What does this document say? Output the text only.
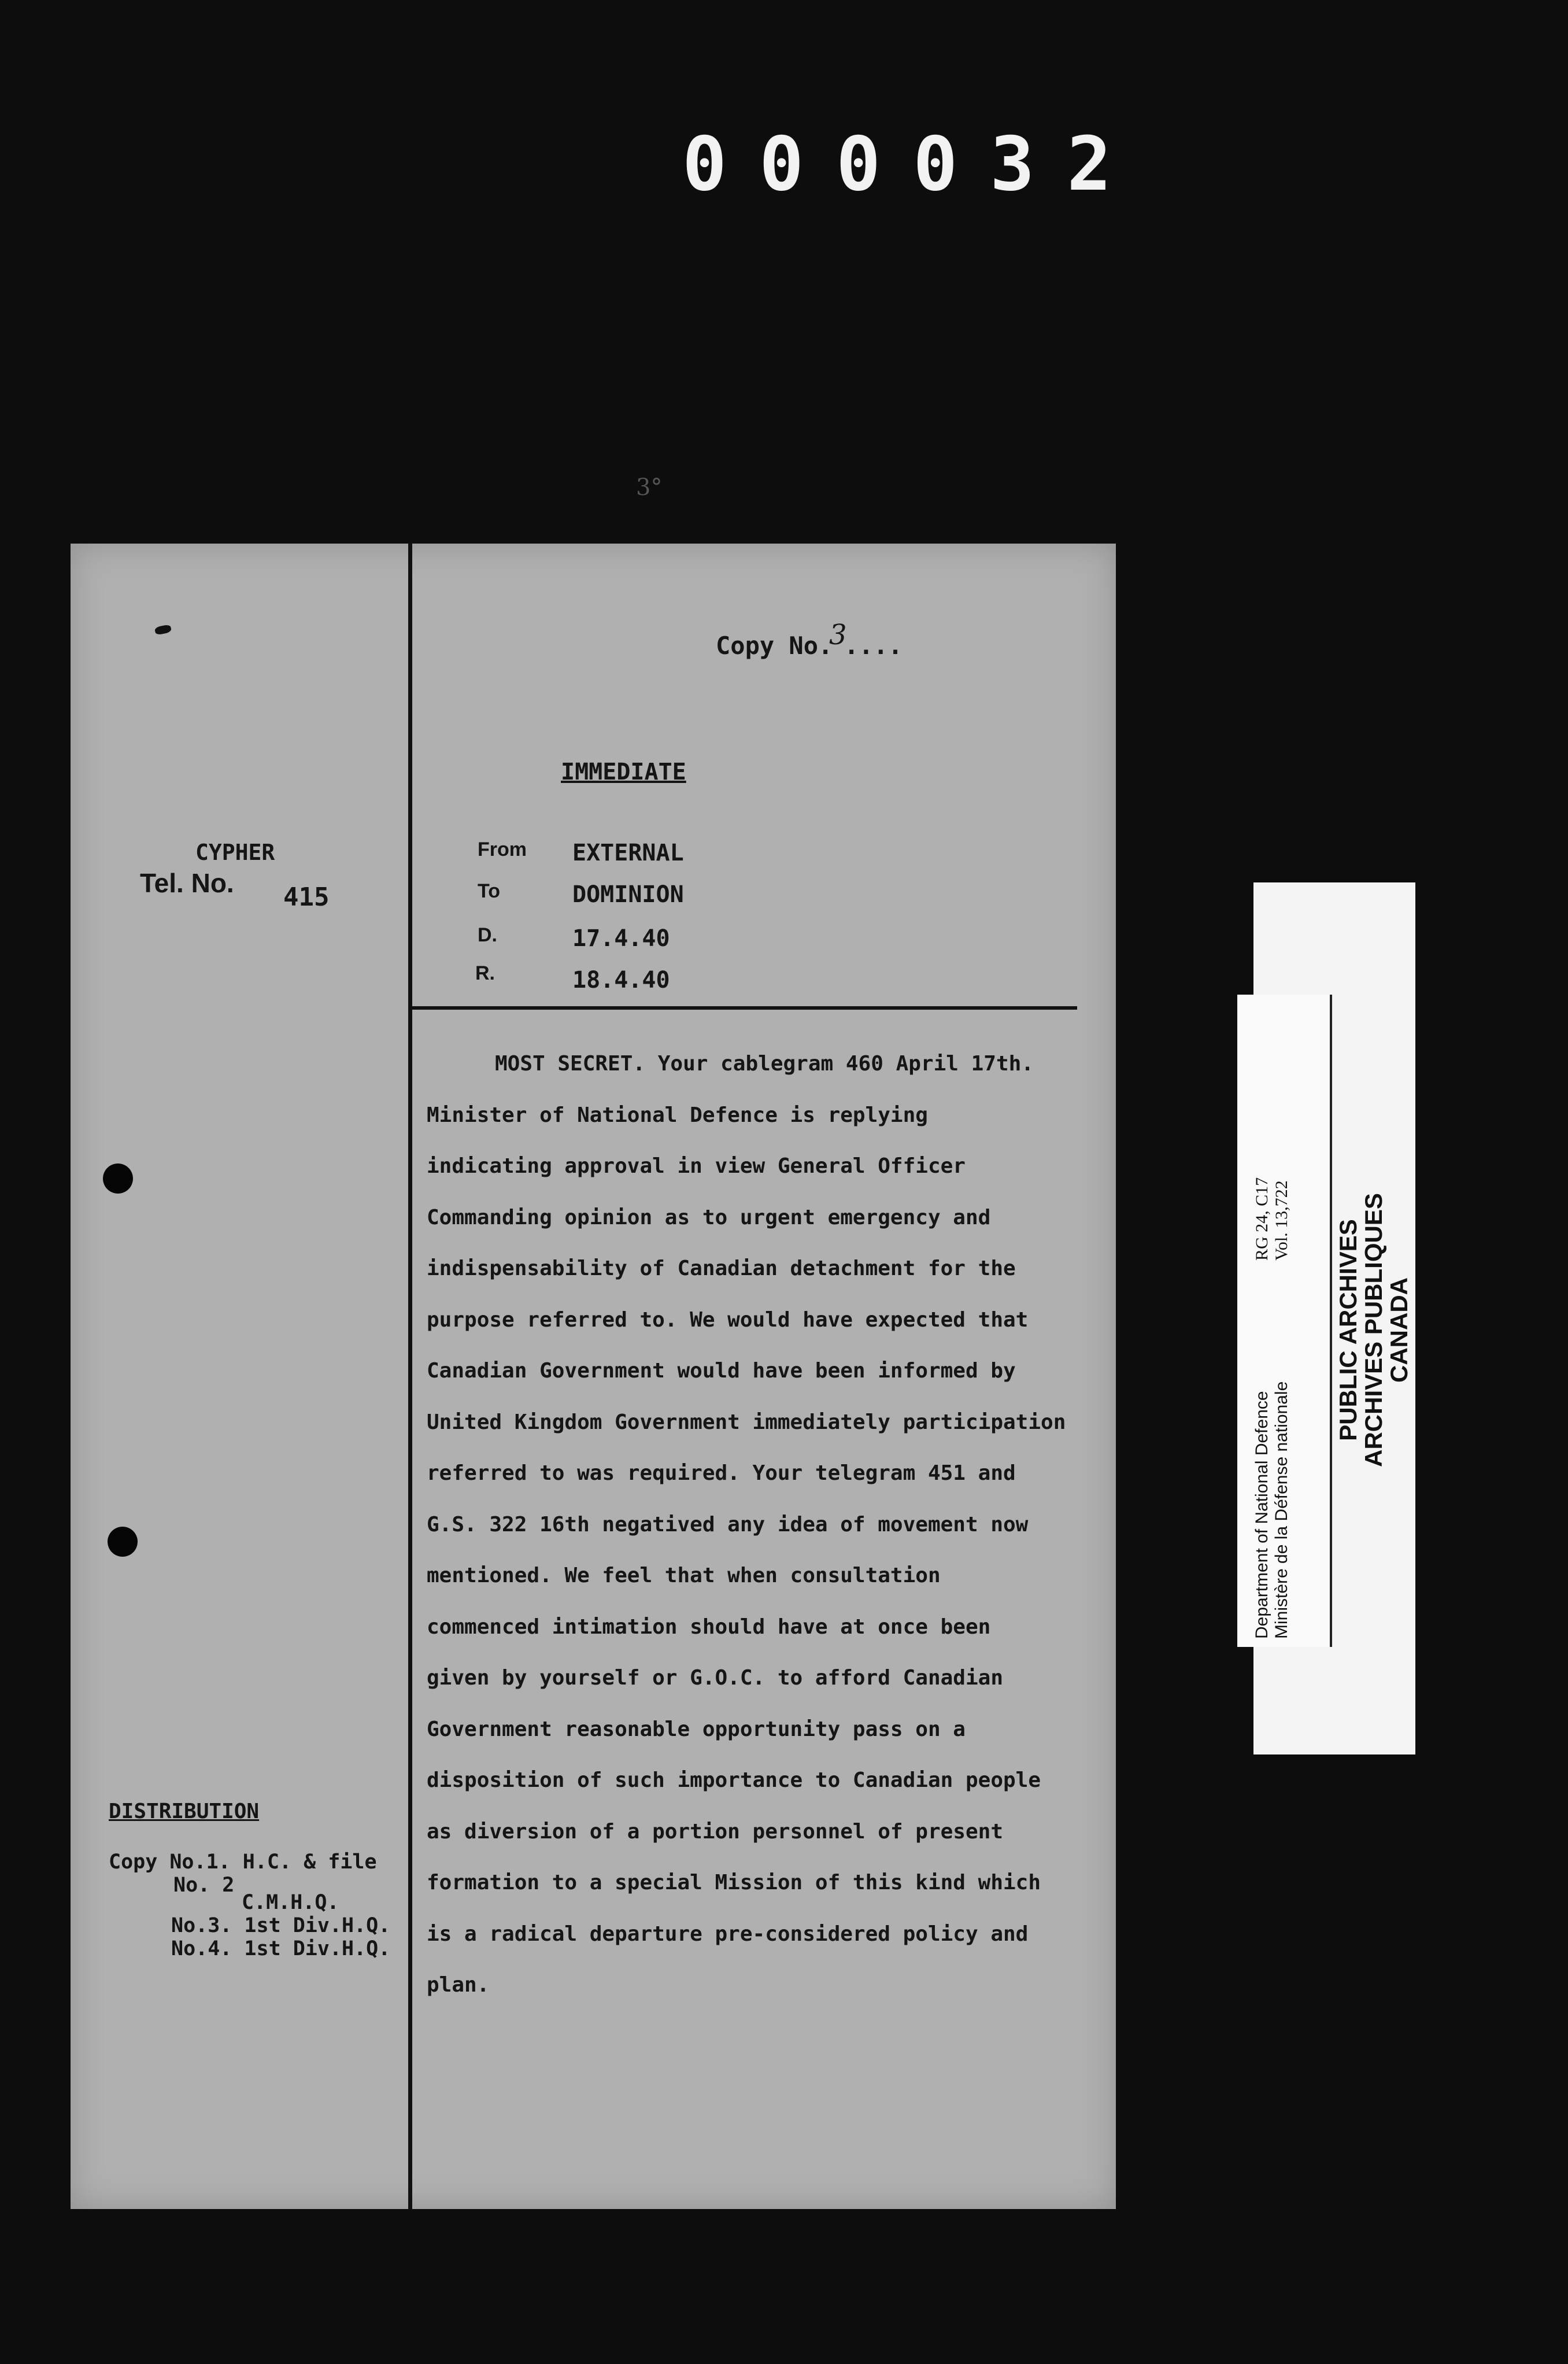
000032
3°
Copy No.
3
....
IMMEDIATE
CYPHER
Tel. No. 415
From EXTERNAL
To	DOMINION
D.	17.4.40
R.	18.4.40
MOST SECRET. Your cablegram 460 April 17th.
Minister of National Defence is replying
indicating approval in view General Officer
Commanding opinion as to urgent emergency and
indispensability of Canadian detachment for the
purpose referred to. We would have expected that
Canadian Government would have been informed by
United Kingdom Government immediately participation
referred to was required. Your telegram 451 and
G.S. 322 16th negatived any idea of movement now
mentioned. We feel that when consultation
commenced intimation should have at once been
given by yourself or G.O.C. to afford Canadian
Government reasonable opportunity pass on a
disposition of such importance to Canadian people
as diversion of a portion personnel of present
formation to a special Mission of this kind which
is a radical departure pre-considered policy and
plan.
DISTRIBUTION
Copy No.1. H.C. & file
No. 2
C.M.H.Q.
No.3. 1st Div.H.Q.
No.4. 1st Div.H.Q.
PUBLIC ARCHIVES
ARCHIVES PUBLIQUES
CANADA
RG 24, C17 Vol. 13,722
Department of National Defence Ministère de la Défense nationale
